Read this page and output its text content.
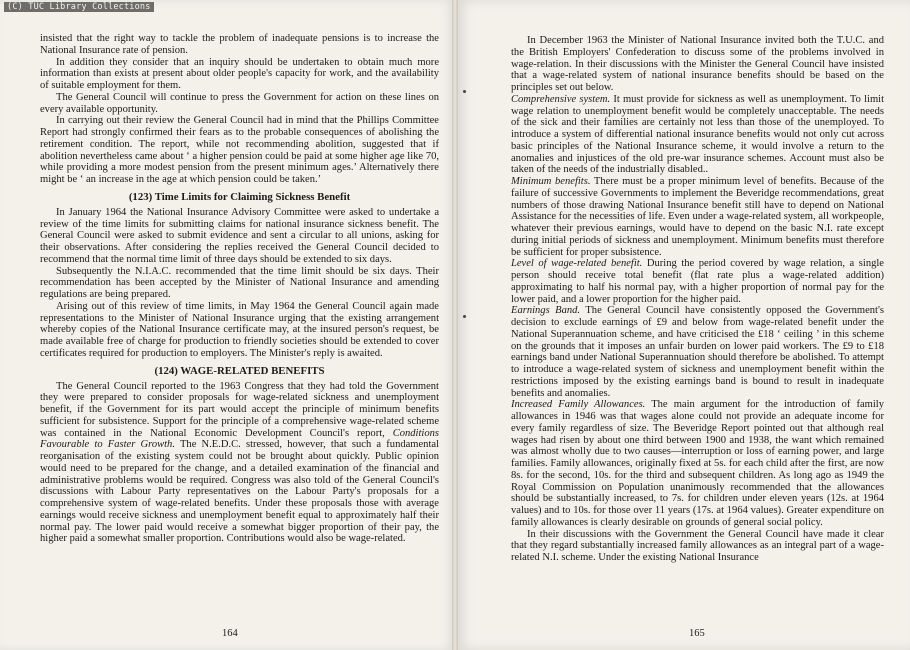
(C) TUC Library Collections

insisted that the right way to tackle the problem of inadequate pensions is to increase the National Insurance rate of pension.

In addition they consider that an inquiry should be undertaken to obtain much more information than exists at present about older people's capacity for work, and the availability of suitable employment for them.

The General Council will continue to press the Government for action on these lines on every available opportunity.

In carrying out their review the General Council had in mind that the Phillips Committee Report had strongly confirmed their fears as to the probable consequences of abolishing the retirement condition. The report, while not recommending abolition, suggested that if abolition nevertheless came about ‘ a higher pension could be paid at some higher age like 70, while providing a more modest pension from the present minimum ages.’ Alternatively there might be ‘ an increase in the age at which pension could be taken.’

(123) Time Limits for Claiming Sickness Benefit

In January 1964 the National Insurance Advisory Committee were asked to undertake a review of the time limits for submitting claims for national insurance sickness benefit. The General Council were asked to submit evidence and sent a circular to all unions, asking for their observations. After considering the replies received the General Council decided to recommend that the normal time limit of three days should be extended to six days.

Subsequently the N.I.A.C. recommended that the time limit should be six days. Their recommendation has been accepted by the Minister of National Insurance and amending regulations are being prepared.

Arising out of this review of time limits, in May 1964 the General Council again made representations to the Minister of National Insurance urging that the existing arrangement whereby copies of the National Insurance certificate may, at the insured person's request, be made available free of charge for production to friendly societies should be extended to cover certificates required for production to employers. The Minister's reply is awaited.

(124) WAGE-RELATED BENEFITS

The General Council reported to the 1963 Congress that they had told the Government they were prepared to consider proposals for wage-related sickness and unemployment benefit, if the Government for its part would accept the principle of minimum benefits sufficient for subsistence. Support for the principle of a comprehensive wage-related scheme was contained in the National Economic Development Council's report, Conditions Favourable to Faster Growth. The N.E.D.C. stressed, however, that such a fundamental reorganisation of the existing system could not be brought about quickly. Public opinion would need to be prepared for the change, and a detailed examination of the financial and administrative problems would be required. Congress was also told of the General Council's discussions with Labour Party representatives on the Labour Party's proposals for a comprehensive system of wage-related benefits. Under these proposals those with average earnings would receive sickness and unemployment benefit equal to approximately half their normal pay. The lower paid would receive a somewhat bigger proportion of their pay, the higher paid a somewhat smaller proportion. Contributions would also be wage-related.

164

In December 1963 the Minister of National Insurance invited both the T.U.C. and the British Employers' Confederation to discuss some of the problems involved in wage-relation. In their discussions with the Minister the General Council have insisted that a wage-related system of national insurance benefits should be based on the principles set out below.

Comprehensive system. It must provide for sickness as well as unemployment. To limit wage relation to unemployment benefit would be completely unacceptable. The needs of the sick and their families are certainly not less than those of the unemployed. To introduce a system of differential national insurance benefits would not only cut across basic principles of the National Insurance scheme, it would involve a return to the anomalies and injustices of the old pre-war insurance schemes. Account must also be taken of the needs of the industrially disabled..

Minimum benefits. There must be a proper minimum level of benefits. Because of the failure of successive Governments to implement the Beveridge recommendations, great numbers of those drawing National Insurance benefit still have to depend on National Assistance for the necessities of life. Even under a wage-related system, all workpeople, whatever their previous earnings, would have to depend on the basic N.I. rate except during initial periods of sickness and unemployment. Minimum benefits must therefore be sufficient for proper subsistence.

Level of wage-related benefit. During the period covered by wage relation, a single person should receive total benefit (flat rate plus a wage-related addition) approximating to half his normal pay, with a higher proportion of normal pay for the lower paid, and a lower proportion for the higher paid.

Earnings Band. The General Council have consistently opposed the Government's decision to exclude earnings of £9 and below from wage-related benefit under the National Superannuation scheme, and have criticised the £18 ‘ ceiling ’ in this scheme on the grounds that it imposes an unfair burden on lower paid workers. The £9 to £18 earnings band under National Superannuation should therefore be abolished. To attempt to introduce a wage-related system of sickness and unemployment benefit within the restrictions imposed by the existing earnings band is bound to result in inadequate benefits and anomalies.

Increased Family Allowances. The main argument for the introduction of family allowances in 1946 was that wages alone could not provide an adequate income for every family regardless of size. The Beveridge Report pointed out that although real wages had risen by about one third between 1900 and 1938, the want which remained was almost wholly due to two causes—interruption or loss of earning power, and large families. Family allowances, originally fixed at 5s. for each child after the first, are now 8s. for the second, 10s. for the third and subsequent children. As long ago as 1949 the Royal Commission on Population unanimously recommended that the allowances should be substantially increased, to 7s. for children under eleven years (12s. at 1964 values) and to 10s. for those over 11 years (17s. at 1964 values). Greater expenditure on family allowances is clearly desirable on grounds of general social policy.

In their discussions with the Government the General Council have made it clear that they regard substantially increased family allowances as an integral part of a wage-related N.I. scheme. Under the existing National Insurance

165
